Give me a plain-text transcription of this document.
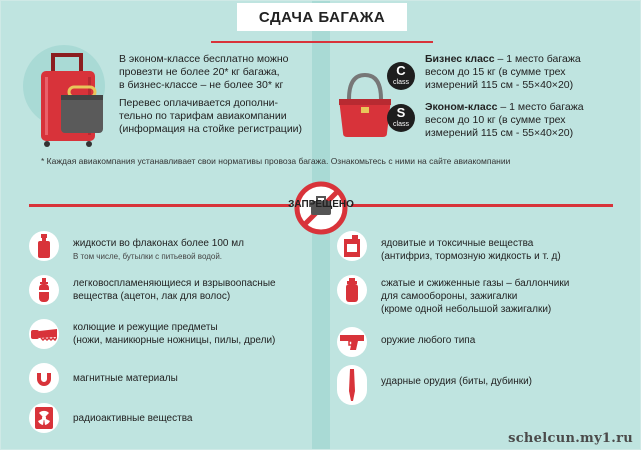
СДАЧА БАГАЖА
В эконом-классе бесплатно можно
провезти не более 20* кг багажа,
в бизнес-классе – не более 30* кг
Перевес оплачивается дополни-
тельно по тарифам авиакомпании
(информация на стойке регистрации)
C
class
S
class
Бизнес класс – 1 место багажа
весом до 15 кг (в сумме трех
измерений 115 см - 55×40×20)
Эконом-класс – 1 место багажа
весом до 10 кг (в сумме трех
измерений 115 см - 55×40×20)
* Каждая авиакомпания устанавливает свои нормативы провоза багажа. Ознакомьтесь с ними на сайте авиакомпании
ЗАПРЕЩЕНО
жидкости во флаконах более 100 мл
В том числе, бутылки с питьевой водой.
легковоспламеняющиеся и взрывоопасные
вещества (ацетон, лак для волос)
колющие и режущие предметы
(ножи, маникюрные ножницы, пилы, дрели)
магнитные материалы
радиоактивные вещества
ядовитые и токсичные вещества
(антифриз, тормозную жидкость и т. д)
сжатые и сжиженные газы – баллончики
для самообороны, зажигалки
(кроме одной небольшой зажигалки)
оружие любого типа
ударные орудия (биты, дубинки)
schelcun.my1.ru
